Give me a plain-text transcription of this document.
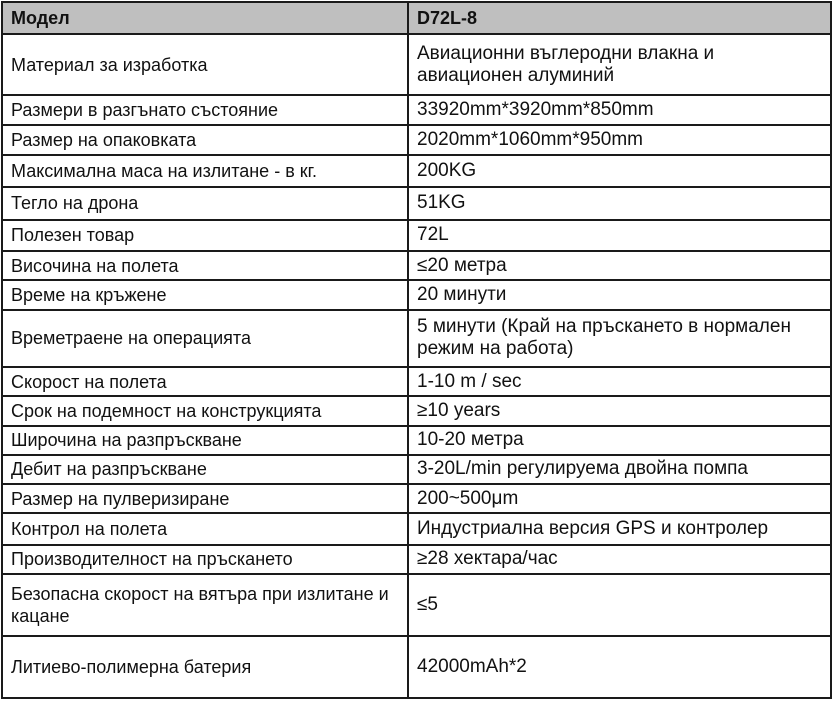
Модел	D72L-8
Материал за изработка	Авиационни въглеродни влакна и авиационен алуминий
Размери в разгънато състояние	33920mm*3920mm*850mm
Размер на опаковката	2020mm*1060mm*950mm
Максимална маса на излитане - в кг.	200KG
Тегло на дрона	51KG
Полезен товар	72L
Височина на полета	≤20 метра
Време на кръжене	20 минути
Времетраене на операцията	5 минути (Край на пръскането в нормален режим на работа)
Скорост на полета	1-10 m / sec
Срок на подемност на конструкцията	≥10 years
Широчина на разпръскване	10-20 метра
Дебит на разпръскване	3-20L/min регулируема двойна помпа
Размер на пулверизиране	200~500μm
Контрол на полета	Индустриална версия GPS и контролер
Производителност на пръскането	≥28 хектара/час
Безопасна скорост на вятъра при излитане и кацане	≤5
Литиево-полимерна батерия	42000mAh*2
